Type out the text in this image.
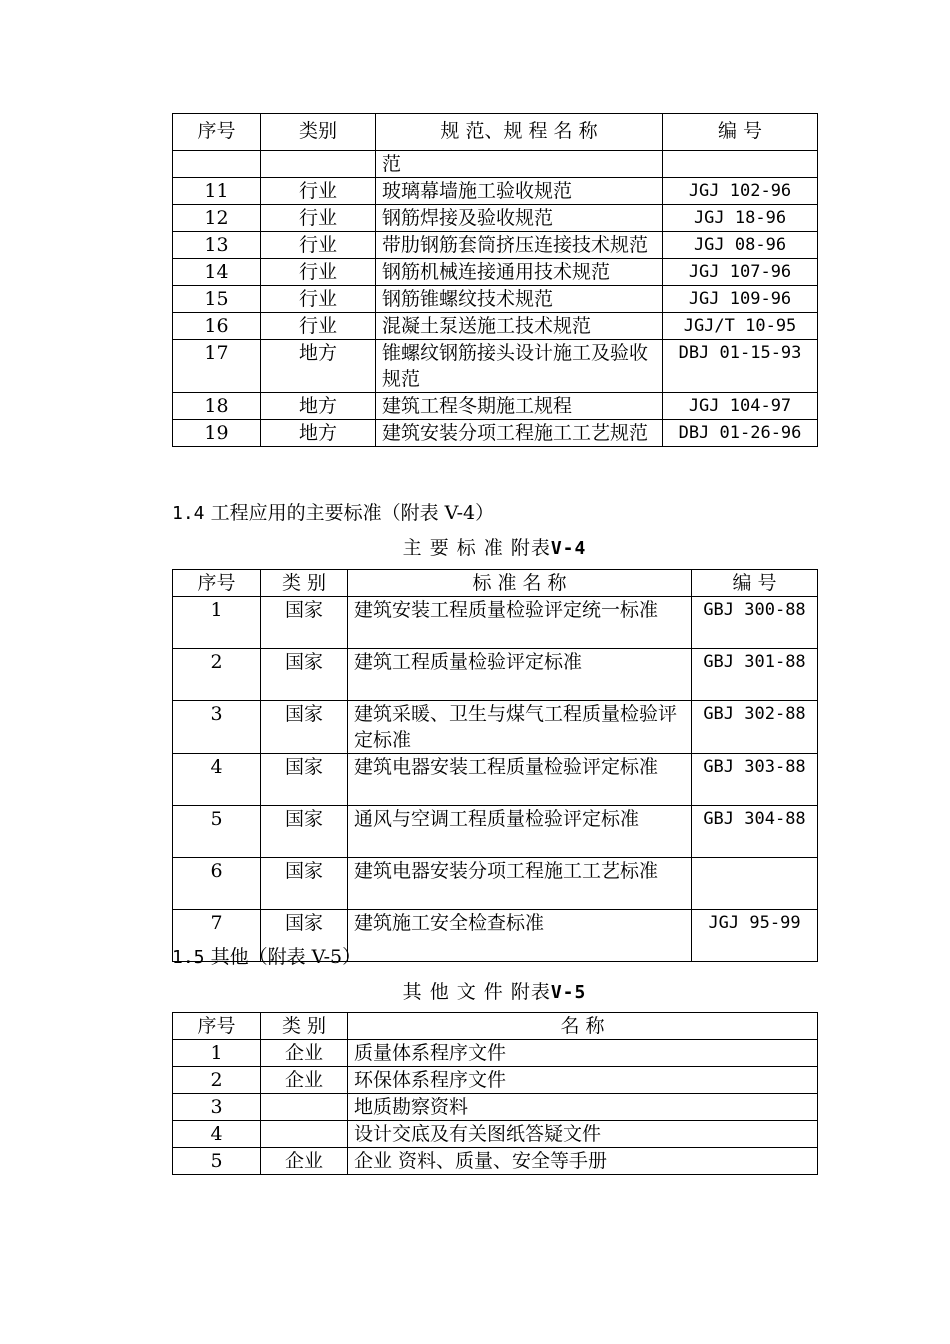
序号	类别	规 范、规 程 名 称	编 号
		范	
11	行业	玻璃幕墙施工验收规范	JGJ 102-96
12	行业	钢筋焊接及验收规范	JGJ 18-96
13	行业	带肋钢筋套筒挤压连接技术规范	JGJ 08-96
14	行业	钢筋机械连接通用技术规范	JGJ 107-96
15	行业	钢筋锥螺纹技术规范	JGJ 109-96
16	行业	混凝土泵送施工技术规范	JGJ/T 10-95
17	地方	锥螺纹钢筋接头设计施工及验收规范	DBJ 01-15-93
18	地方	建筑工程冬期施工规程	JGJ 104-97
19	地方	建筑安装分项工程施工工艺规范	DBJ 01-26-96
1.4 工程应用的主要标准（附表 V-4）
主 要 标 准 附表V-4
序号	类 别	标 准 名 称	编 号
1	国家	建筑安装工程质量检验评定统一标准	GBJ 300-88
2	国家	建筑工程质量检验评定标准	GBJ 301-88
3	国家	建筑采暖、卫生与煤气工程质量检验评定标准	GBJ 302-88
4	国家	建筑电器安装工程质量检验评定标准	GBJ 303-88
5	国家	通风与空调工程质量检验评定标准	GBJ 304-88
6	国家	建筑电器安装分项工程施工工艺标准	
7	国家	建筑施工安全检查标准	JGJ 95-99
1.5 其他（附表 V-5）
其 他 文 件 附表V-5
序号	类 别	名 称
1	企业	质量体系程序文件
2	企业	环保体系程序文件
3		地质勘察资料
4		设计交底及有关图纸答疑文件
5	企业	企业 资料、质量、安全等手册
